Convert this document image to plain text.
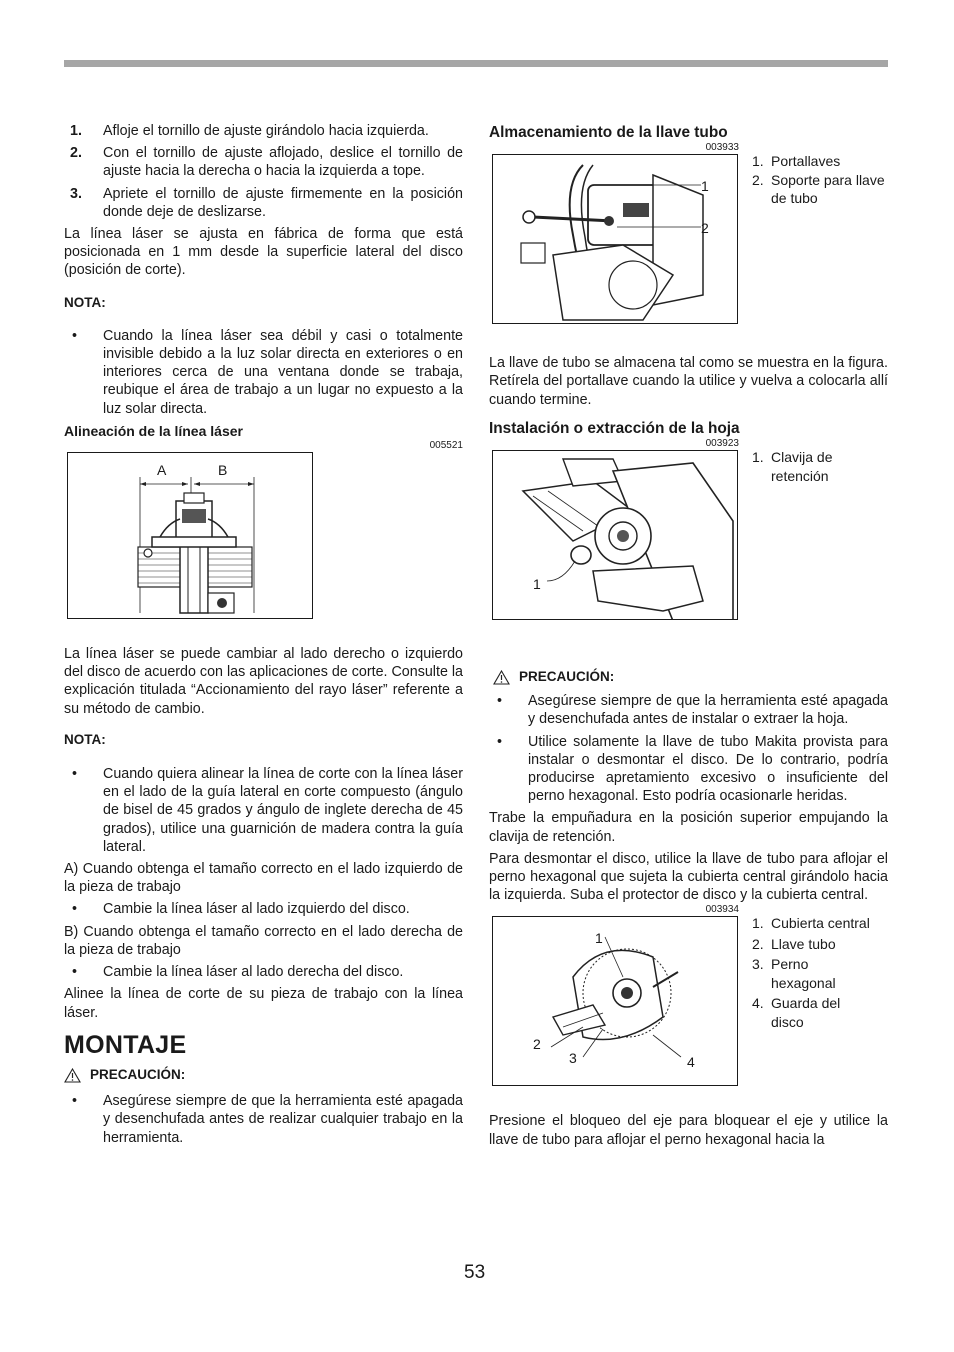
1.	Afloje el tornillo de ajuste girándolo hacia izquierda.
2.	Con el tornillo de ajuste aflojado, deslice el tornillo de ajuste hacia la derecha o hacia la izquierda a tope.
3.	Apriete el tornillo de ajuste firmemente en la posición donde deje de deslizarse.

La línea láser se ajusta en fábrica de forma que está posicionada en 1 mm desde la superficie lateral del disco (posición de corte).

NOTA:
•	Cuando la línea láser sea débil y casi o totalmente invisible debido a la luz solar directa en exteriores o en interiores cerca de una ventana donde se trabaja, reubique el área de trabajo a un lugar no expuesto a la luz solar directa.
Alineación de la línea láser
005521
A	B

La línea láser se puede cambiar al lado derecho o izquierdo del disco de acuerdo con las aplicaciones de corte. Consulte la explicación titulada “Accionamiento del rayo láser” referente a su método de cambio.

NOTA:
•	Cuando quiera alinear la línea de corte con la línea láser en el lado de la guía lateral en corte compuesto (ángulo de bisel de 45 grados y ángulo de inglete derecha de 45 grados), utilice una guarnición de madera contra la guía lateral.

A) Cuando obtenga el tamaño correcto en el lado izquierdo de la pieza de trabajo

•	Cambie la línea láser al lado izquierdo del disco.

B) Cuando obtenga el tamaño correcto en el lado derecha de la pieza de trabajo

•	Cambie la línea láser al lado derecha del disco.

Alinee la línea de corte de su pieza de trabajo con la línea láser.

MONTAJE
PRECAUCIÓN:
•	Asegúrese siempre de que la herramienta esté apagada y desenchufada antes de realizar cualquier trabajo en la herramienta.
Almacenamiento de la llave tubo
003933
1
2
1. Portallaves
2. Soporte para llave de tubo

La llave de tubo se almacena tal como se muestra en la figura. Retírela del portallave cuando la utilice y vuelva a colocarla allí cuando termine.

Instalación o extracción de la hoja
003923
1
1. Clavija de retención
PRECAUCIÓN:
•	Asegúrese siempre de que la herramienta esté apagada y desenchufada antes de instalar o extraer la hoja.
•	Utilice solamente la llave de tubo Makita provista para instalar o desmontar el disco. De lo contrario, podría producirse apretamiento excesivo o insuficiente del perno hexagonal. Esto podría ocasionarle heridas.

Trabe la empuñadura en la posición superior empujando la clavija de retención.

Para desmontar el disco, utilice la llave de tubo para aflojar el perno hexagonal que sujeta la cubierta central girándolo hacia la izquierda. Suba el protector de disco y la cubierta central.

003934
1
2
3	4
1. Cubierta central
2. Llave tubo
3. Perno hexagonal
4. Guarda del disco

Presione el bloqueo del eje para bloquear el eje y utilice la llave de tubo para aflojar el perno hexagonal hacia la

53
